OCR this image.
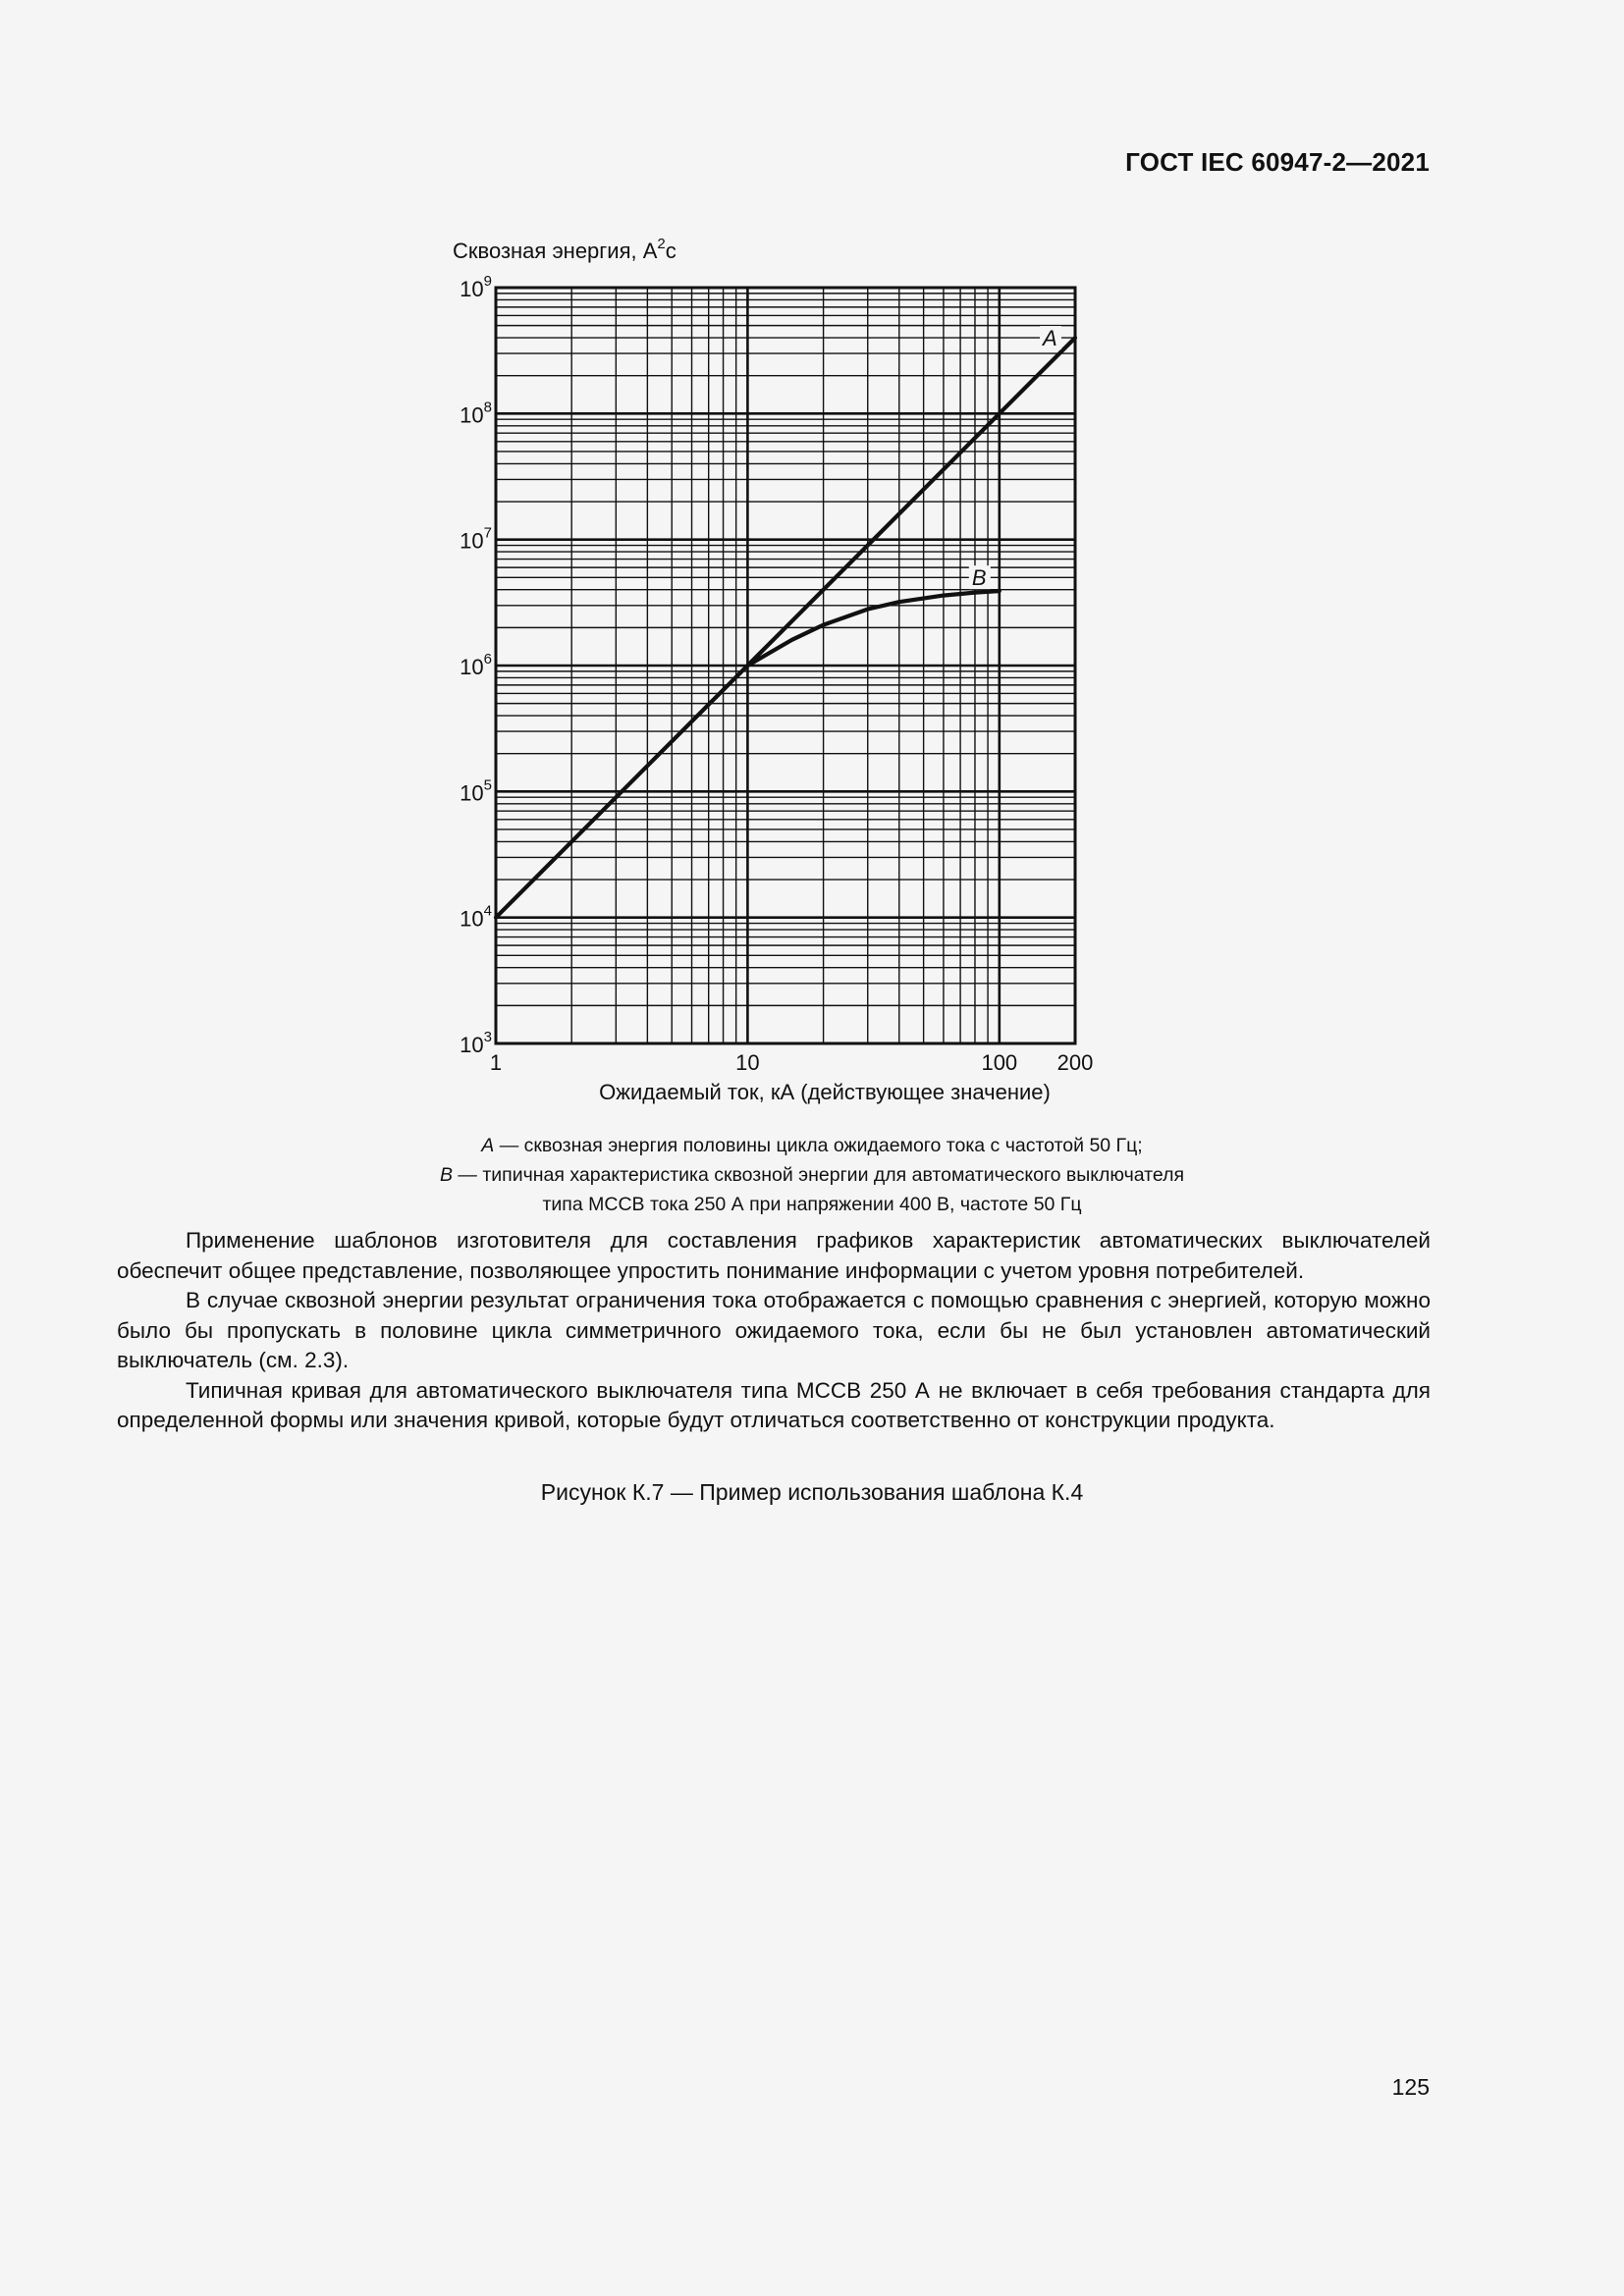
ГОСТ IEC 60947-2—2021
A
B
$10^3$
$10^4$
$10^5$
$10^6$
$10^7$
$10^8$
$10^9$
1	10	100 200
Сквозная энергия, $А^2с$
Ожидаемый ток, кА (действующее значение)
А — сквозная энергия половины цикла ожидаемого тока с частотой 50 Гц;
В — типичная характеристика сквозной энергии для автоматического выключателя
типа МССВ тока 250 А при напряжении 400 В, частоте 50 Гц

Применение шаблонов изготовителя для составления графиков характеристик автоматических выключателей обеспечит общее представление, позволяющее упростить понимание информации с учетом уровня потребителей.

В случае сквозной энергии результат ограничения тока отображается с помощью сравнения с энергией, которую можно было бы пропускать в половине цикла симметричного ожидаемого тока, если бы не был установлен автоматический выключатель (см. 2.3).

Типичная кривая для автоматического выключателя типа МССВ 250 А не включает в себя требования стандарта для определенной формы или значения кривой, которые будут отличаться соответственно от конструкции продукта.

Рисунок К.7 — Пример использования шаблона К.4
125
